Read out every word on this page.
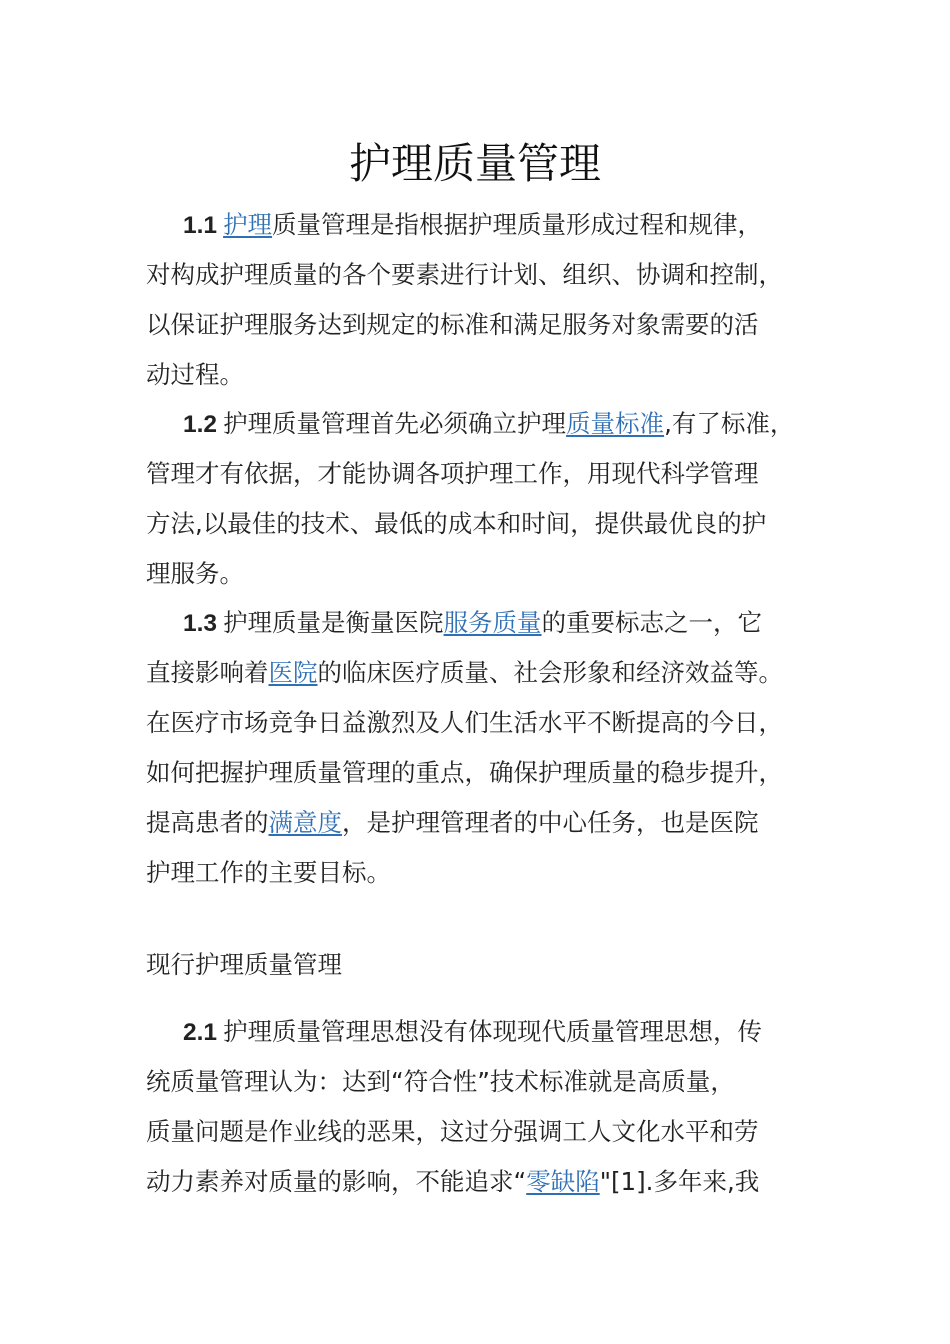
护理质量管理
1.1 护理质量管理是指根据护理质量形成过程和规律，
对构成护理质量的各个要素进行计划、组织、协调和控制，
以保证护理服务达到规定的标准和满足服务对象需要的活
动过程。
1.2 护理质量管理首先必须确立护理质量标准,有了标准，
管理才有依据，才能协调各项护理工作，用现代科学管理
方法,以最佳的技术、最低的成本和时间，提供最优良的护
理服务。
1.3 护理质量是衡量医院服务质量的重要标志之一，它
直接影响着医院的临床医疗质量、社会形象和经济效益等。
在医疗市场竞争日益激烈及人们生活水平不断提高的今日，
如何把握护理质量管理的重点，确保护理质量的稳步提升，
提高患者的满意度，是护理管理者的中心任务，也是医院
护理工作的主要目标。
现行护理质量管理
2.1 护理质量管理思想没有体现现代质量管理思想，传
统质量管理认为：达到“符合性”技术标准就是高质量，
质量问题是作业线的恶果，这过分强调工人文化水平和劳
动力素养对质量的影响，不能追求“零缺陷"[1].多年来,我
